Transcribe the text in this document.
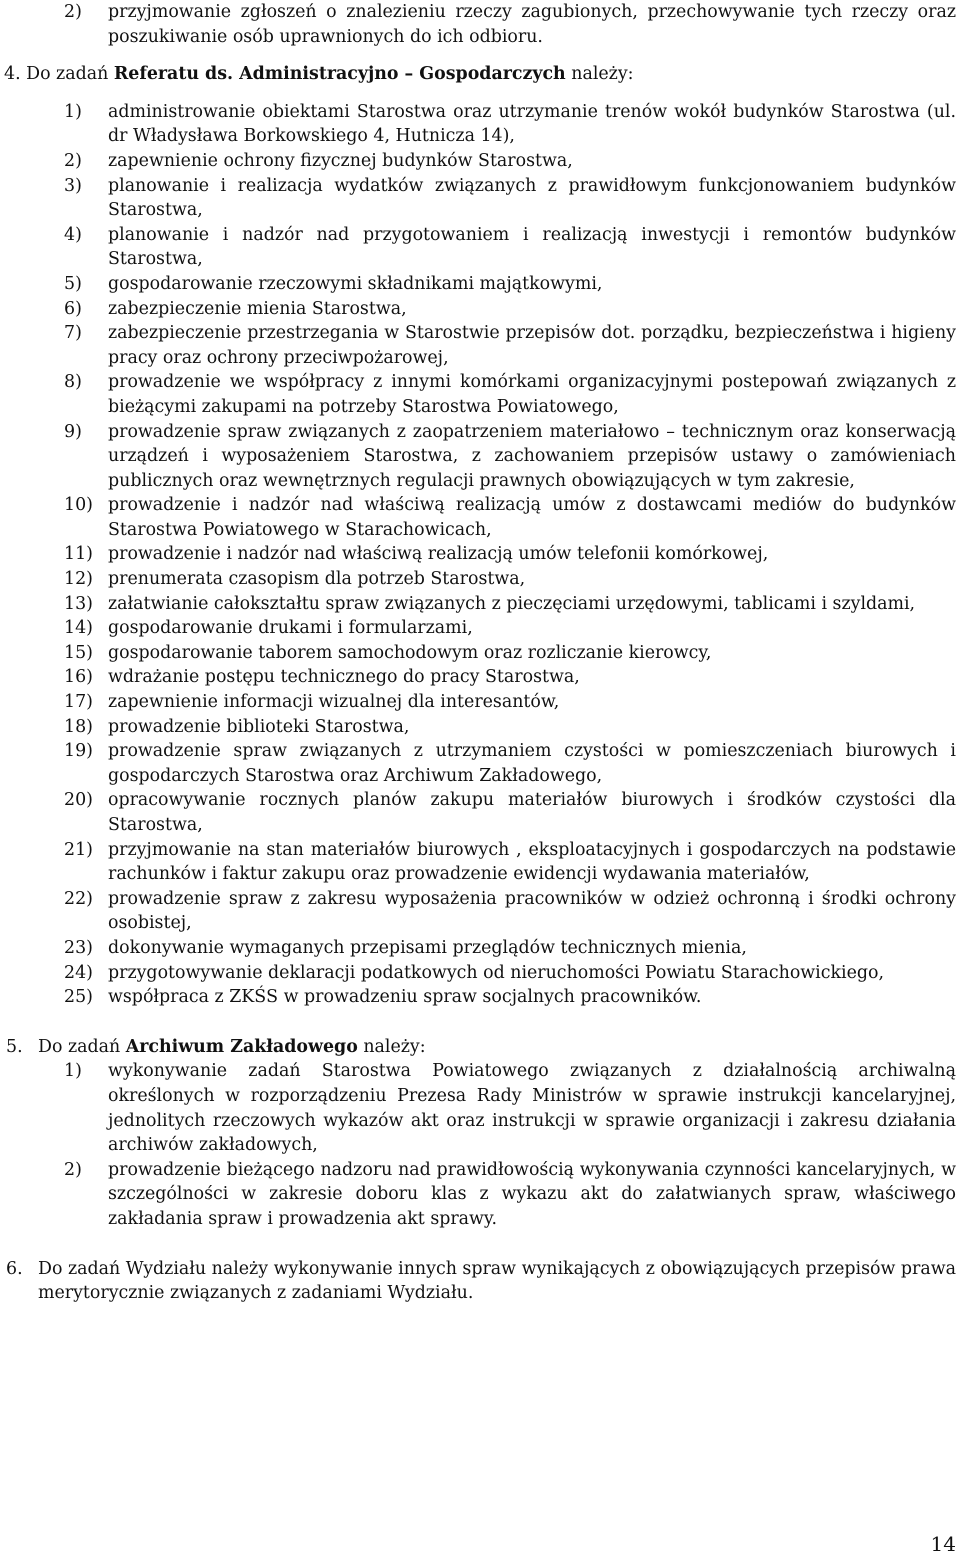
2) przyjmowanie zgłoszeń o znalezieniu rzeczy zagubionych, przechowywanie tych rzeczy oraz poszukiwanie osób uprawnionych do ich odbioru.
4. Do zadań Referatu ds. Administracyjno – Gospodarczych należy:
1) administrowanie obiektami Starostwa oraz utrzymanie trenów wokół budynków Starostwa (ul. dr Władysława Borkowskiego 4, Hutnicza 14),
2) zapewnienie ochrony fizycznej budynków Starostwa,
3) planowanie i realizacja wydatków związanych z prawidłowym funkcjonowaniem budynków Starostwa,
4) planowanie i nadzór nad przygotowaniem i realizacją inwestycji i remontów budynków Starostwa,
5) gospodarowanie rzeczowymi składnikami majątkowymi,
6) zabezpieczenie mienia Starostwa,
7) zabezpieczenie przestrzegania w Starostwie przepisów dot. porządku, bezpieczeństwa i higieny pracy oraz ochrony przeciwpożarowej,
8) prowadzenie we współpracy z innymi komórkami organizacyjnymi postepowań związanych z bieżącymi zakupami na potrzeby Starostwa Powiatowego,
9) prowadzenie spraw związanych z zaopatrzeniem materiałowo – technicznym oraz konserwacją urządzeń i wyposażeniem Starostwa, z zachowaniem przepisów ustawy o zamówieniach publicznych oraz wewnętrznych regulacji prawnych obowiązujących w tym zakresie,
10) prowadzenie i nadzór nad właściwą realizacją umów z dostawcami mediów do budynków Starostwa Powiatowego w Starachowicach,
11) prowadzenie i nadzór nad właściwą realizacją umów telefonii komórkowej,
12) prenumerata czasopism dla potrzeb Starostwa,
13) załatwianie całokształtu spraw związanych z pieczęciami urzędowymi, tablicami i szyldami,
14) gospodarowanie drukami i formularzami,
15) gospodarowanie taborem samochodowym oraz rozliczanie kierowcy,
16) wdrażanie postępu technicznego do pracy Starostwa,
17) zapewnienie informacji wizualnej dla interesantów,
18) prowadzenie biblioteki Starostwa,
19) prowadzenie spraw związanych z utrzymaniem czystości w pomieszczeniach biurowych i gospodarczych Starostwa oraz Archiwum Zakładowego,
20) opracowywanie rocznych planów zakupu materiałów biurowych i środków czystości dla Starostwa,
21) przyjmowanie na stan materiałów biurowych , eksploatacyjnych i gospodarczych na podstawie rachunków i faktur zakupu oraz prowadzenie ewidencji wydawania materiałów,
22) prowadzenie spraw z zakresu wyposażenia pracowników w odzież ochronną i środki ochrony osobistej,
23) dokonywanie wymaganych przepisami przeglądów technicznych mienia,
24) przygotowywanie deklaracji podatkowych od nieruchomości Powiatu Starachowickiego,
25) współpraca z ZKŚS w prowadzeniu spraw socjalnych pracowników.
5. Do zadań Archiwum Zakładowego należy:
1) wykonywanie zadań Starostwa Powiatowego związanych z działalnością archiwalną określonych w rozporządzeniu Prezesa Rady Ministrów w sprawie instrukcji kancelaryjnej, jednolitych rzeczowych wykazów akt oraz instrukcji w sprawie organizacji i zakresu działania archiwów zakładowych,
2) prowadzenie bieżącego nadzoru nad prawidłowością wykonywania czynności kancelaryjnych, w szczególności w zakresie doboru klas z wykazu akt do załatwianych spraw, właściwego zakładania spraw i prowadzenia akt sprawy.
6. Do zadań Wydziału należy wykonywanie innych spraw wynikających z obowiązujących przepisów prawa merytorycznie związanych z zadaniami Wydziału.
14
